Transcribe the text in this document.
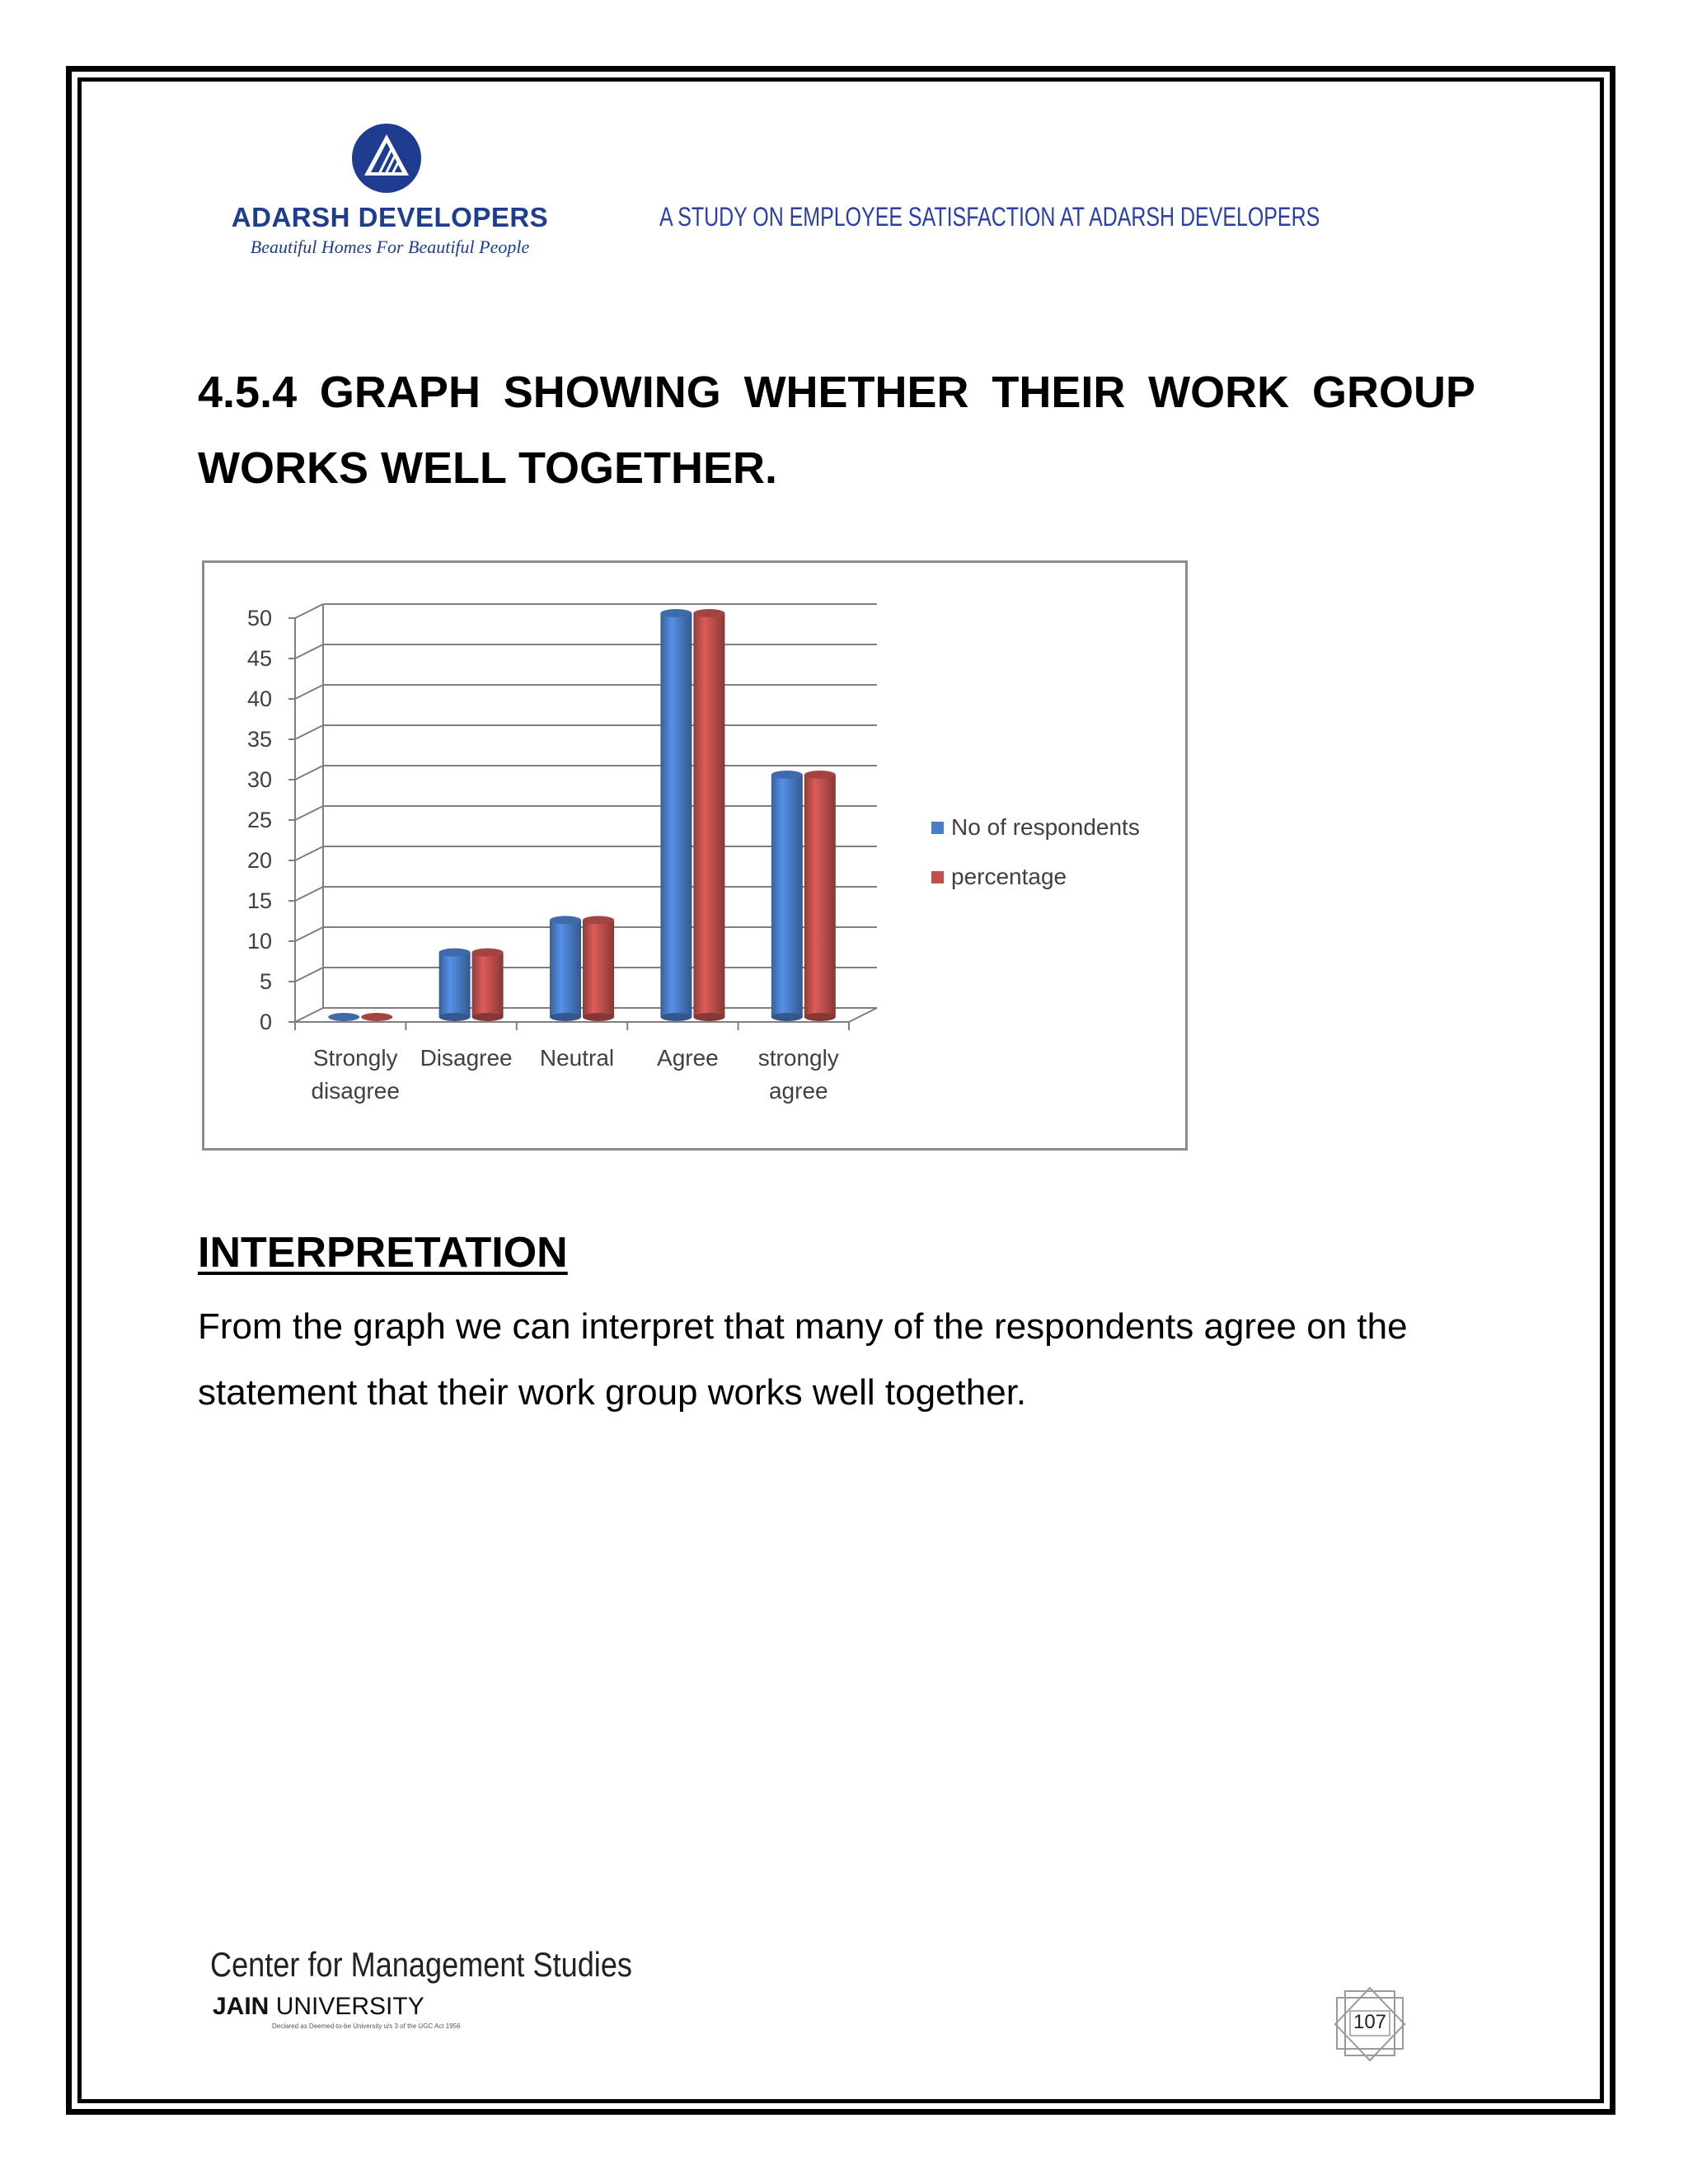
ADARSH DEVELOPERS
Beautiful Homes For Beautiful People
A STUDY ON EMPLOYEE SATISFACTION AT ADARSH DEVELOPERS
4.5.4 GRAPH SHOWING WHETHER THEIR WORK GROUP WORKS WELL TOGETHER.
0
5
10
15
20
25
30
35
40
45
50
Strongly
disagree
Disagree Neutral Agree strongly
agree
No of respondents
percentage
INTERPRETATION
From the graph we can interpret that many of the respondents agree on the statement that their work group works well together.
Center for Management Studies
JAIN UNIVERSITY
Declared as Deemed-to-be University u/s 3 of the UGC Act 1956	107
